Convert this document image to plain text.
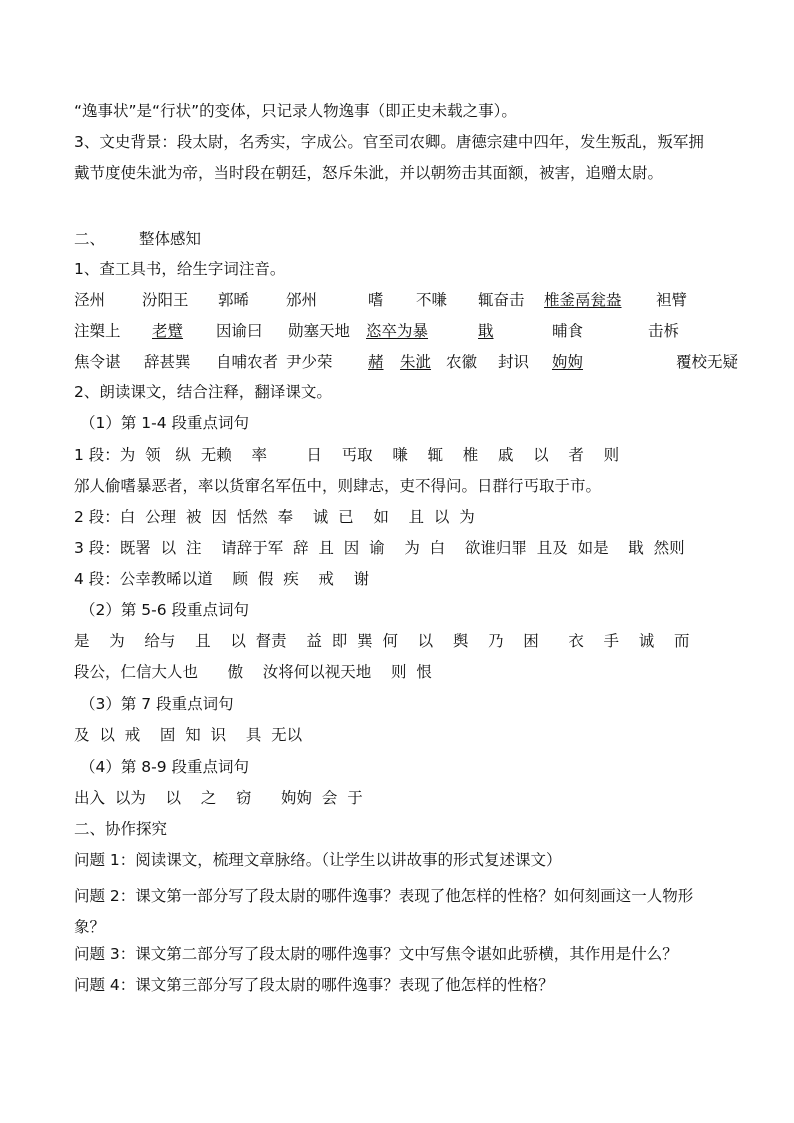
“逸事状”是“行状”的变体，只记录人物逸事（即正史未载之事）。
3、文史背景：段太尉，名秀实，字成公。官至司农卿。唐德宗建中四年，发生叛乱，叛军拥
戴节度使朱泚为帝，当时段在朝廷，怒斥朱泚，并以朝笏击其面额，被害，追赠太尉。
二、 整体感知
1、查工具书，给生字词注音。
泾州 汾阳王 郭晞 邠州	嗜 不嗛 辄奋击 椎釜鬲瓮盎 袒臂
注槊上 老躄 因谕曰 勋塞天地 恣卒为暴	戢	晡食	击柝
焦令谌 辞甚巽 自哺农者 尹少荣 赭 朱泚 农徽 封识 姁姁	覆校无疑
2、朗读课文，结合注释，翻译课文。
（1）第 1-4 段重点词句
1 段：为  领   纵  无赖    率        日    丐取    嗛    辄    椎    戚    以    者    则
邠人偷嗜暴恶者，率以货窜名军伍中，则肆志，吏不得问。日群行丐取于市。
2 段：白  公理  被  因  恬然  奉    诚  已    如    且  以  为
3 段：既署  以  注    请辞于军  辞  且  因  谕    为  白    欲谁归罪  且及  如是    戢  然则
4 段：公幸教晞以道    顾  假  疾    戒    谢
（2）第 5-6 段重点词句
是    为    给与    且    以  督责    益  即  巽  何    以    舆    乃    困      衣    手    诚    而
段公，仁信大人也      傲    汝将何以视天地    则  恨
（3）第 7 段重点词句
及  以  戒    固  知  识    具  无以
（4）第 8-9 段重点词句
出入  以为    以    之    窃      姁姁  会  于
二、协作探究
问题 1：阅读课文，梳理文章脉络。（让学生以讲故事的形式复述课文）
问题 2：课文第一部分写了段太尉的哪件逸事？表现了他怎样的性格？如何刻画这一人物形象？
问题 3：课文第二部分写了段太尉的哪件逸事？文中写焦令谌如此骄横，其作用是什么？
问题 4：课文第三部分写了段太尉的哪件逸事？表现了他怎样的性格？
